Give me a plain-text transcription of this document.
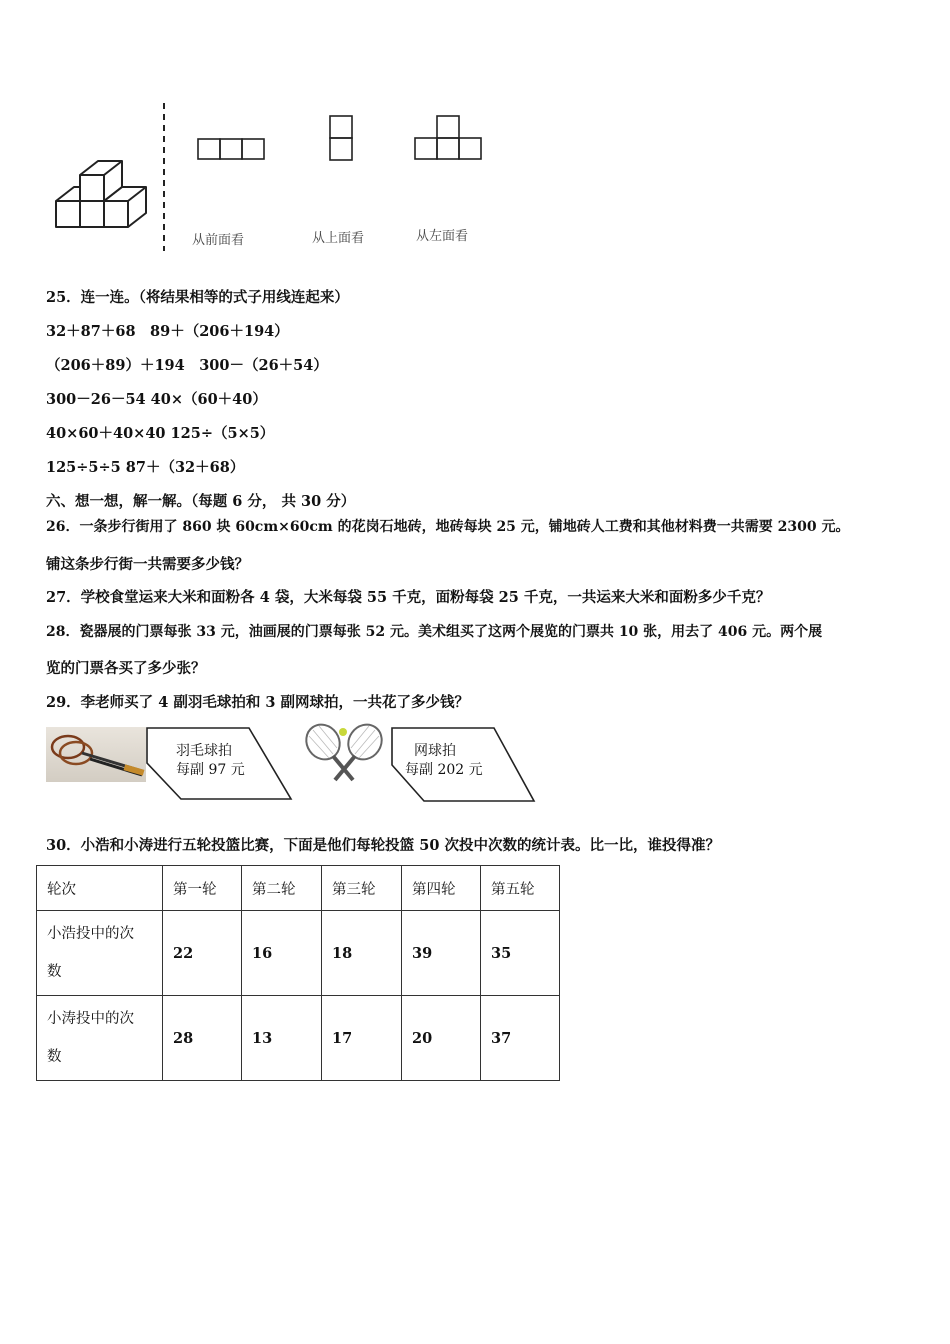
从前面看	从上面看	从左面看
25．连一连。（将结果相等的式子用线连起来）
32＋87＋68　89＋（206＋194）
（206＋89）＋194　300－（26＋54）
300－26－54 40×（60＋40）
40×60＋40×40 125÷（5×5）
125÷5÷5 87＋（32＋68）
六、想一想，解一解。（每题 6 分， 共 30 分）
26．一条步行街用了 860 块 60cm×60cm 的花岗石地砖，地砖每块 25 元，铺地砖人工费和其他材料费一共需要 2300 元。
铺这条步行街一共需要多少钱？
27．学校食堂运来大米和面粉各 4 袋，大米每袋 55 千克，面粉每袋 25 千克，一共运来大米和面粉多少千克？
28．瓷器展的门票每张 33 元，油画展的门票每张 52 元。美术组买了这两个展览的门票共 10 张，用去了 406 元。两个展
览的门票各买了多少张？
29．李老师买了 4 副羽毛球拍和 3 副网球拍，一共花了多少钱？
羽毛球拍
每副 97 元
网球拍
每副 202 元
30．小浩和小涛进行五轮投篮比赛，下面是他们每轮投篮 50 次投中次数的统计表。比一比，谁投得准？
轮次	第一轮	第二轮	第三轮	第四轮	第五轮
小浩投中的次
数	22	16	18	39	35
小涛投中的次
数	28	13	17	20	37
